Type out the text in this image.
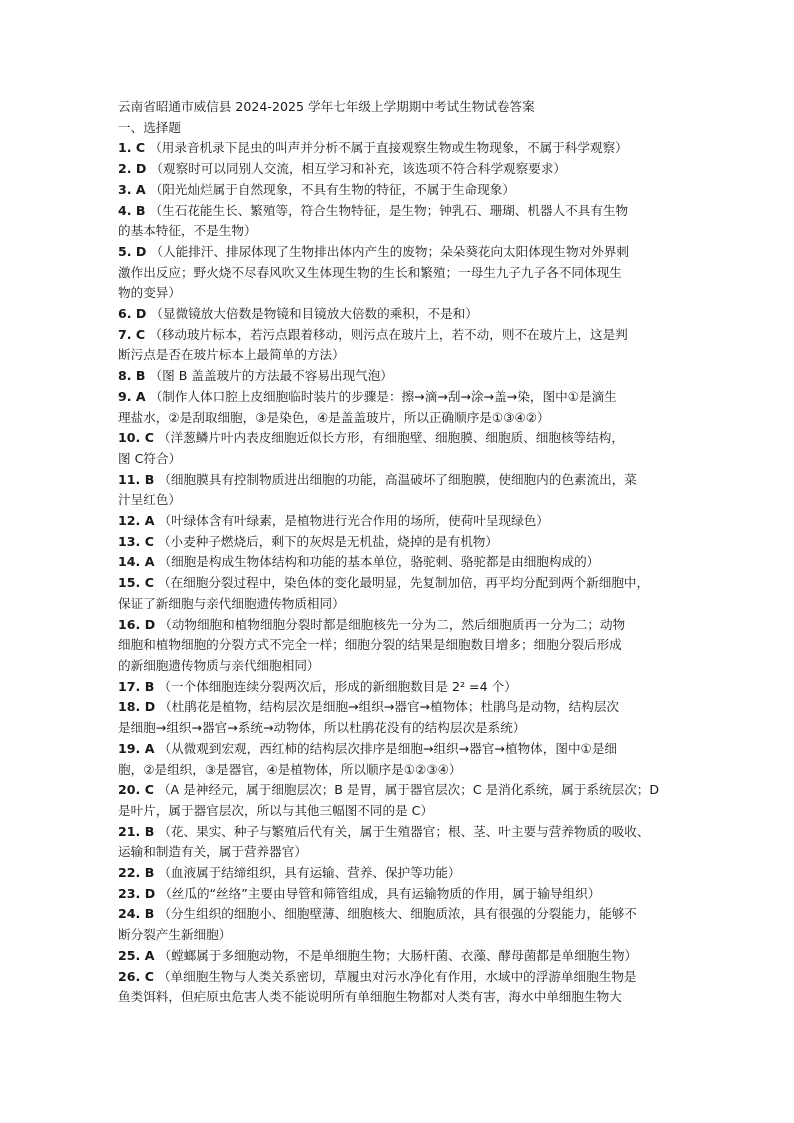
云南省昭通市威信县 2024-2025 学年七年级上学期期中考试生物试卷答案
一、选择题
1. C （用录音机录下昆虫的叫声并分析不属于直接观察生物或生物现象，不属于科学观察）
2. D （观察时可以同别人交流，相互学习和补充，该选项不符合科学观察要求）
3. A （阳光灿烂属于自然现象，不具有生物的特征，不属于生命现象）
4. B （生石花能生长、繁殖等，符合生物特征，是生物；钟乳石、珊瑚、机器人不具有生物
的基本特征，不是生物）
5. D （人能排汗、排尿体现了生物排出体内产生的废物；朵朵葵花向太阳体现生物对外界刺
激作出反应；野火烧不尽春风吹又生体现生物的生长和繁殖；一母生九子九子各不同体现生
物的变异）
6. D （显微镜放大倍数是物镜和目镜放大倍数的乘积，不是和）
7. C （移动玻片标本，若污点跟着移动，则污点在玻片上，若不动，则不在玻片上，这是判
断污点是否在玻片标本上最简单的方法）
8. B （图 B 盖盖玻片的方法最不容易出现气泡）
9. A （制作人体口腔上皮细胞临时装片的步骤是：擦→滴→刮→涂→盖→染，图中①是滴生
理盐水，②是刮取细胞，③是染色，④是盖盖玻片，所以正确顺序是①③④②）
10. C （洋葱鳞片叶内表皮细胞近似长方形，有细胞壁、细胞膜、细胞质、细胞核等结构，
图 C符合）
11. B （细胞膜具有控制物质进出细胞的功能，高温破坏了细胞膜，使细胞内的色素流出，菜
汁呈红色）
12. A （叶绿体含有叶绿素，是植物进行光合作用的场所，使荷叶呈现绿色）
13. C （小麦种子燃烧后，剩下的灰烬是无机盐，烧掉的是有机物）
14. A （细胞是构成生物体结构和功能的基本单位，骆驼刺、骆驼都是由细胞构成的）
15. C （在细胞分裂过程中，染色体的变化最明显，先复制加倍，再平均分配到两个新细胞中，
保证了新细胞与亲代细胞遗传物质相同）
16. D （动物细胞和植物细胞分裂时都是细胞核先一分为二，然后细胞质再一分为二；动物
细胞和植物细胞的分裂方式不完全一样；细胞分裂的结果是细胞数目增多；细胞分裂后形成
的新细胞遗传物质与亲代细胞相同）
17. B （一个体细胞连续分裂两次后，形成的新细胞数目是 2² =4 个）
18. D （杜鹃花是植物，结构层次是细胞→组织→器官→植物体；杜鹃鸟是动物，结构层次
是细胞→组织→器官→系统→动物体，所以杜鹃花没有的结构层次是系统）
19. A （从微观到宏观，西红柿的结构层次排序是细胞→组织→器官→植物体，图中①是细
胞，②是组织，③是器官，④是植物体，所以顺序是①②③④）
20. C （A 是神经元，属于细胞层次；B 是胃，属于器官层次；C 是消化系统，属于系统层次；D
是叶片，属于器官层次，所以与其他三幅图不同的是 C）
21. B （花、果实、种子与繁殖后代有关，属于生殖器官；根、茎、叶主要与营养物质的吸收、
运输和制造有关，属于营养器官）
22. B （血液属于结缔组织，具有运输、营养、保护等功能）
23. D （丝瓜的“丝络”主要由导管和筛管组成，具有运输物质的作用，属于输导组织）
24. B （分生组织的细胞小、细胞壁薄、细胞核大、细胞质浓，具有很强的分裂能力，能够不
断分裂产生新细胞）
25. A （螳螂属于多细胞动物，不是单细胞生物；大肠杆菌、衣藻、酵母菌都是单细胞生物）
26. C （单细胞生物与人类关系密切，草履虫对污水净化有作用，水域中的浮游单细胞生物是
鱼类饵料，但疟原虫危害人类不能说明所有单细胞生物都对人类有害，海水中单细胞生物大
